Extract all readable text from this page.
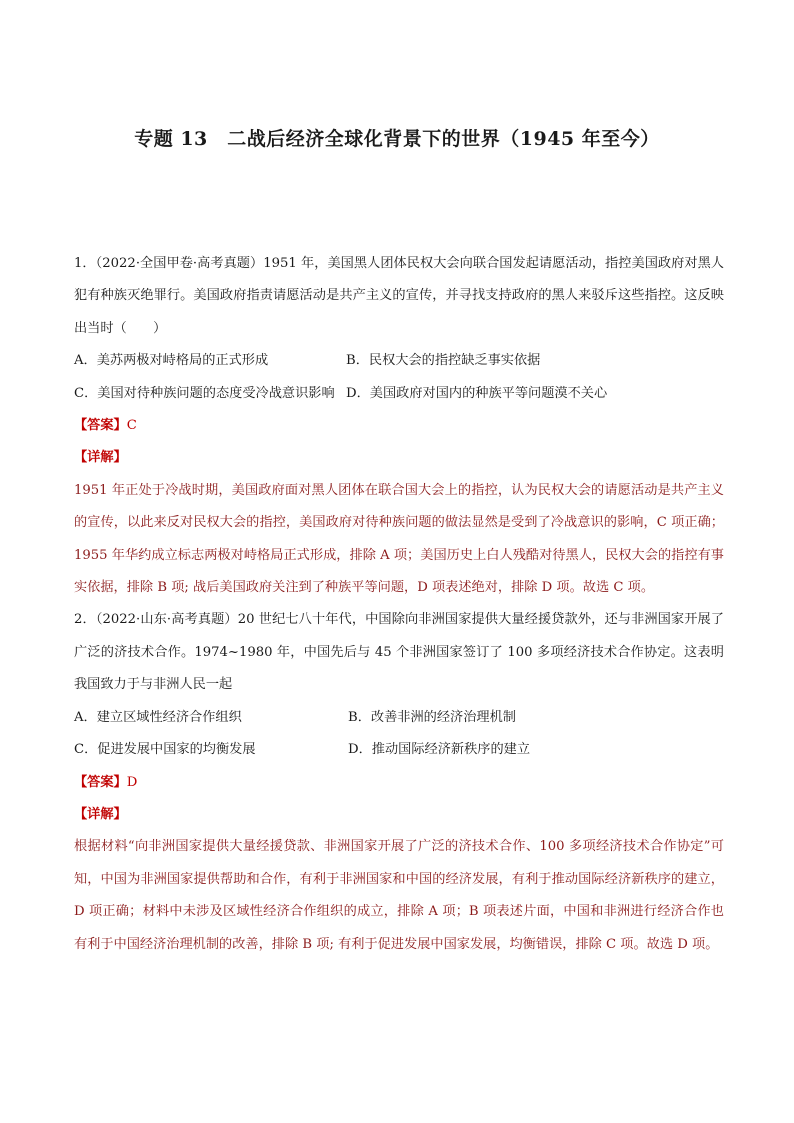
专题 13　二战后经济全球化背景下的世界（1945 年至今）

1．（2022·全国甲卷·高考真题）1951 年，美国黑人团体民权大会向联合国发起请愿活动，指控美国政府对黑人犯有种族灭绝罪行。美国政府指责请愿活动是共产主义的宣传，并寻找支持政府的黑人来驳斥这些指控。这反映出当时（　　）

A．美苏两极对峙格局的正式形成	B．民权大会的指控缺乏事实依据
C．美国对待种族问题的态度受冷战意识影响 D．美国政府对国内的种族平等问题漠不关心

【答案】C

【详解】

1951 年正处于冷战时期，美国政府面对黑人团体在联合国大会上的指控，认为民权大会的请愿活动是共产主义的宣传，以此来反对民权大会的指控，美国政府对待种族问题的做法显然是受到了冷战意识的影响，C 项正确；1955 年华约成立标志两极对峙格局正式形成，排除 A 项；美国历史上白人残酷对待黑人，民权大会的指控有事实依据，排除 B 项; 战后美国政府关注到了种族平等问题，D 项表述绝对，排除 D 项。故选 C 项。

2．（2022·山东·高考真题）20 世纪七八十年代，中国除向非洲国家提供大量经援贷款外，还与非洲国家开展了广泛的济技术合作。1974~1980 年，中国先后与 45 个非洲国家签订了 100 多项经济技术合作协定。这表明我国致力于与非洲人民一起

A．建立区域性经济合作组织	B．改善非洲的经济治理机制
C．促进发展中国家的均衡发展	D．推动国际经济新秩序的建立

【答案】D

【详解】

根据材料“向非洲国家提供大量经援贷款、非洲国家开展了广泛的济技术合作、100 多项经济技术合作协定”可知，中国为非洲国家提供帮助和合作，有利于非洲国家和中国的经济发展，有利于推动国际经济新秩序的建立，D 项正确；材料中未涉及区域性经济合作组织的成立，排除 A 项；B 项表述片面，中国和非洲进行经济合作也有利于中国经济治理机制的改善，排除 B 项; 有利于促进发展中国家发展，均衡错误，排除 C 项。故选 D 项。
